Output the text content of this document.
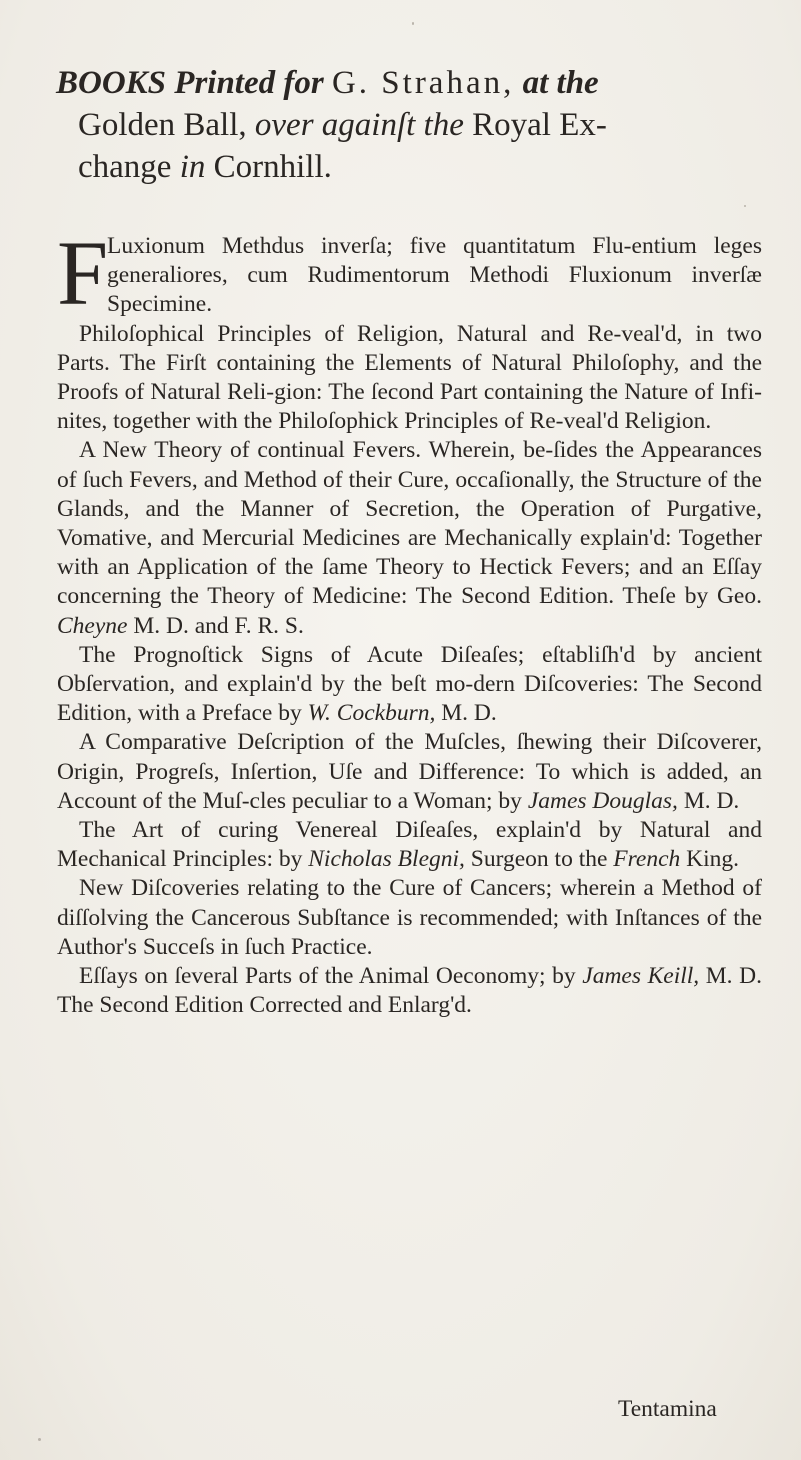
BOOKS Printed for G. Strahan, at the
Golden Ball, over againſt the Royal Ex-
change in Cornhill.

F
Luxionum Methdus inverſa; five quantitatum Flu-entium leges generaliores, cum Rudimentorum Methodi Fluxionum inverſæ Specimine.

Philoſophical Principles of Religion, Natural and Re-veal'd, in two Parts. The Firſt containing the Elements of Natural Philoſophy, and the Proofs of Natural Reli-gion: The ſecond Part containing the Nature of Infi-nites, together with the Philoſophick Principles of Re-veal'd Religion.

A New Theory of continual Fevers. Wherein, be-ſides the Appearances of ſuch Fevers, and Method of their Cure, occaſionally, the Structure of the Glands, and the Manner of Secretion, the Operation of Purgative, Vomative, and Mercurial Medicines are Mechanically explain'd: Together with an Application of the ſame Theory to Hectick Fevers; and an Eſſay concerning the Theory of Medicine: The Second Edition. Theſe by Geo. Cheyne M. D. and F. R. S.

The Prognoſtick Signs of Acute Diſeaſes; eſtabliſh'd by ancient Obſervation, and explain'd by the beſt mo-dern Diſcoveries: The Second Edition, with a Preface by W. Cockburn, M. D.

A Comparative Deſcription of the Muſcles, ſhewing their Diſcoverer, Origin, Progreſs, Inſertion, Uſe and Difference: To which is added, an Account of the Muſ-cles peculiar to a Woman; by James Douglas, M. D.

The Art of curing Venereal Diſeaſes, explain'd by Natural and Mechanical Principles: by Nicholas Blegni, Surgeon to the French King.

New Diſcoveries relating to the Cure of Cancers; wherein a Method of diſſolving the Cancerous Subſtance is recommended; with Inſtances of the Author's Succeſs in ſuch Practice.

Eſſays on ſeveral Parts of the Animal Oeconomy; by James Keill, M. D. The Second Edition Corrected and Enlarg'd.

Tentamina
